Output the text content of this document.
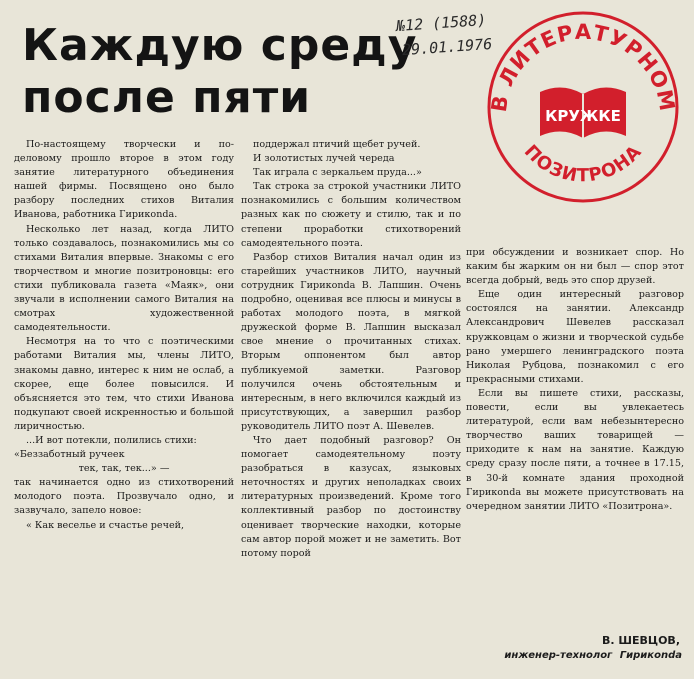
Каждую среду
после пяти
№12 (1588)
29.01.1976
В ЛИТЕРАТУРНОМ
ПОЗИТРОНА
КРУЖКЕ

По-настоящему творчески и по-деловому прошло второе в этом году занятие литературного объединения нашей фирмы. Посвящено оно было разбору последних стихов Виталия Иванова, работника Гирикonda.

Несколько лет назад, когда ЛИТО только создавалось, познакомились мы со стихами Виталия впервые. Знакомы с его творчеством и многие позитроновцы: его стихи публиковала газета «Маяк», они звучали в исполнении самого Виталия на смотрах художественной самодеятельности.

Несмотря на то что с поэтическими работами Виталия мы, члены ЛИТО, знакомы давно, интерес к ним не ослаб, а скорее, еще более повысился. И объясняется это тем, что стихи Иванова подкупают своей искренностью и большой лиричностью.

...И вот потекли, полились стихи:

«Беззаботный ручеек

тек, так, тек...» —

так начинается одно из стихотворений молодого поэта. Прозвучало одно, и зазвучало, запело новое:

« Как веселье и счастье речей,

поддержал птичий щебет ручей.

И золотистых лучей череда

Так играла с зеркальем пруда...»

Так строка за строкой участники ЛИТО познакомились с большим количеством разных как по сюжету и стилю, так и по степени проработки стихотворений самодеятельного поэта.

Разбор стихов Виталия начал один из старейших участников ЛИТО, научный сотрудник Гирикonda В. Лапшин. Очень подробно, оценивая все плюсы и минусы в работах молодого поэта, в мягкой дружеской форме В. Лапшин высказал свое мнение о прочитанных стихах. Вторым оппонентом был автор публикуемой заметки. Разговор получился очень обстоятельным и интересным, в него включился каждый из присутствующих, а завершил разбор руководитель ЛИТО поэт А. Шевелев.

Что дает подобный разговор? Он помогает самодеятельному поэту разобраться в казусах, языковых неточностях и других неполадках своих литературных произведений. Кроме того коллективный разбор по достоинству оценивает творческие находки, которые сам автор порой может и не заметить. Вот потому порой

при обсуждении и возникает спор. Но каким бы жарким он ни был — спор этот всегда добрый, ведь это спор друзей.

Еще один интересный разговор состоялся на занятии. Александр Александрович Шевелев рассказал кружковцам о жизни и творческой судьбе рано умершего ленинградского поэта Николая Рубцова, познакомил с его прекрасными стихами.

Если вы пишете стихи, рассказы, повести, если вы увлекаетесь литературой, если вам небезынтересно творчество ваших товарищей — приходите к нам на занятие. Каждую среду сразу после пяти, а точнее в 17.15, в 30-й комнате здания проходной Гирикonda вы можете присутствовать на очередном занятии ЛИТО «Позитрона».

В. ШЕВЦОВ,

инженер-технолог Гирикonda
